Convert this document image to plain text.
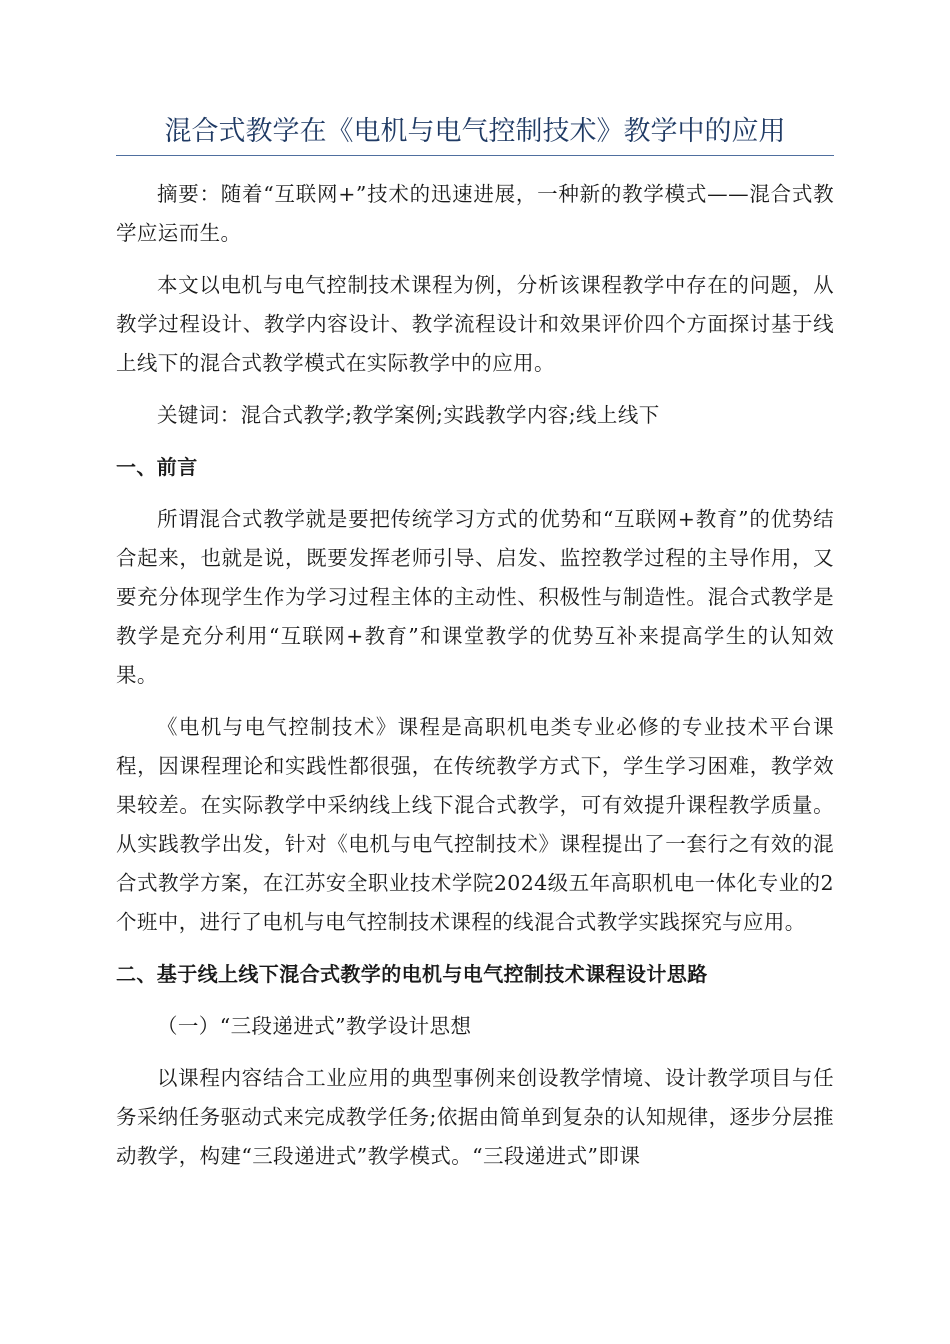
混合式教学在《电机与电气控制技术》教学中的应用

摘要：随着“互联网+”技术的迅速进展，一种新的教学模式——混合式教学应运而生。

本文以电机与电气控制技术课程为例，分析该课程教学中存在的问题，从教学过程设计、教学内容设计、教学流程设计和效果评价四个方面探讨基于线上线下的混合式教学模式在实际教学中的应用。

关键词：混合式教学;教学案例;实践教学内容;线上线下

一、前言

所谓混合式教学就是要把传统学习方式的优势和“互联网+教育”的优势结合起来，也就是说，既要发挥老师引导、启发、监控教学过程的主导作用，又要充分体现学生作为学习过程主体的主动性、积极性与制造性。混合式教学是教学是充分利用“互联网+教育”和课堂教学的优势互补来提高学生的认知效果。

《电机与电气控制技术》课程是高职机电类专业必修的专业技术平台课程，因课程理论和实践性都很强，在传统教学方式下，学生学习困难，教学效果较差。在实际教学中采纳线上线下混合式教学，可有效提升课程教学质量。从实践教学出发，针对《电机与电气控制技术》课程提出了一套行之有效的混合式教学方案，在江苏安全职业技术学院2024级五年高职机电一体化专业的2个班中，进行了电机与电气控制技术课程的线混合式教学实践探究与应用。

二、基于线上线下混合式教学的电机与电气控制技术课程设计思路
（一）“三段递进式”教学设计思想

以课程内容结合工业应用的典型事例来创设教学情境、设计教学项目与任务采纳任务驱动式来完成教学任务;依据由简单到复杂的认知规律，逐步分层推动教学，构建“三段递进式”教学模式。“三段递进式”即课
